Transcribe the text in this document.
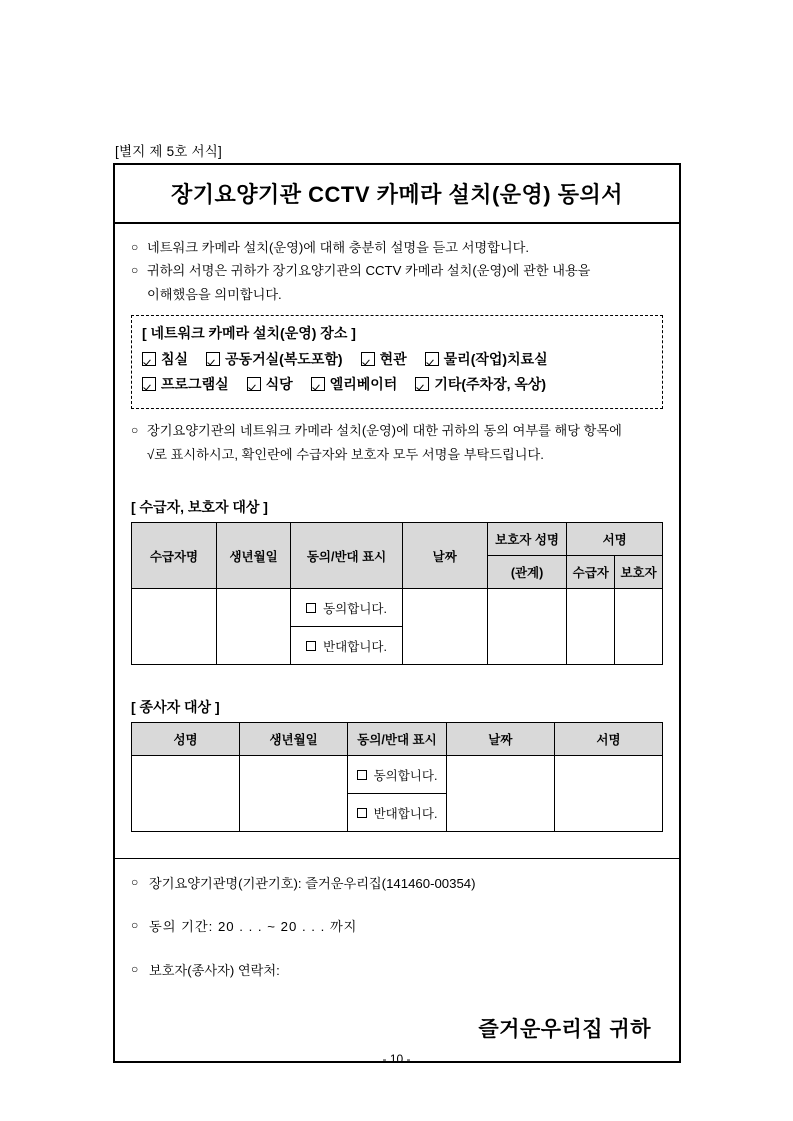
[별지 제 5호 서식]
장기요양기관 CCTV 카메라 설치(운영) 동의서
○ 네트워크 카메라 설치(운영)에 대해 충분히 설명을 듣고 서명합니다.
○ 귀하의 서명은 귀하가 장기요양기관의 CCTV 카메라 설치(운영)에 관한 내용을
이해했음을 의미합니다.
[ 네트워크 카메라 설치(운영) 장소 ]
침실	공동거실(복도포함)	현관	물리(작업)치료실
프로그램실	식당	엘리베이터	기타(주차장, 옥상)
○ 장기요양기관의 네트워크 카메라 설치(운영)에 대한 귀하의 동의 여부를 해당 항목에
√로 표시하시고, 확인란에 수급자와 보호자 모두 서명을 부탁드립니다.
[ 수급자, 보호자 대상 ]
수급자명	생년월일	동의/반대 표시	날짜	보호자 성명	서명	
				(관계)	수급자	보호자
		동의합니다.				
		반대합니다.				
[ 종사자 대상 ]
성명	생년월일	동의/반대 표시	날짜	서명
		동의합니다.		
		반대합니다.		
○ 장기요양기관명(기관기호): 즐거운우리집(141460-00354)
○ 동의 기간: 20 . . . ~ 20 . . . 까지
○ 보호자(종사자) 연락처:
즐거운우리집 귀하
- 10 -
